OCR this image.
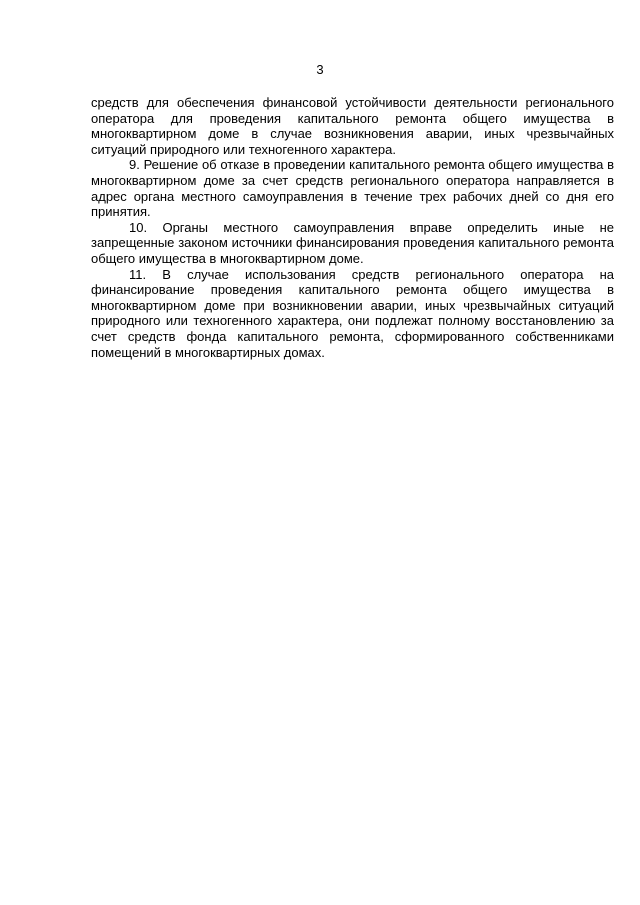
3

средств для обеспечения финансовой устойчивости деятельности регионального оператора для проведения капитального ремонта общего имущества в многоквартирном доме в случае возникновения аварии, иных чрезвычайных ситуаций природного или техногенного характера.

9. Решение об отказе в проведении капитального ремонта общего имущества в многоквартирном доме за счет средств регионального оператора направляется в адрес органа местного самоуправления в течение трех рабочих дней со дня его принятия.

10. Органы местного самоуправления вправе определить иные не запрещенные законом источники финансирования проведения капитального ремонта общего имущества в многоквартирном доме.

11. В случае использования средств регионального оператора на финансирование проведения капитального ремонта общего имущества в многоквартирном доме при возникновении аварии, иных чрезвычайных ситуаций природного или техногенного характера, они подлежат полному восстановлению за счет средств фонда капитального ремонта, сформированного собственниками помещений в многоквартирных домах.
